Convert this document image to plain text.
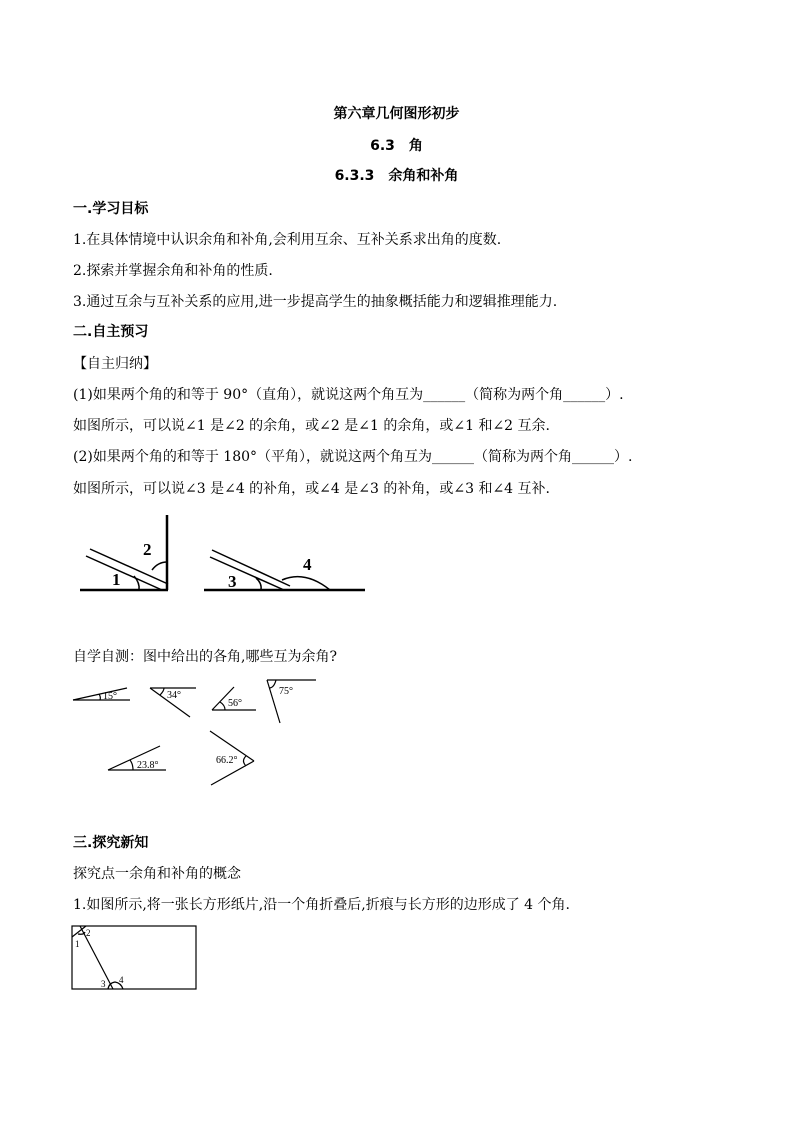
第六章几何图形初步
6.3　角
6.3.3　余角和补角
一.学习目标
1.在具体情境中认识余角和补角,会利用互余、互补关系求出角的度数.
2.探索并掌握余角和补角的性质.
3.通过互余与互补关系的应用,进一步提高学生的抽象概括能力和逻辑推理能力.
二.自主预习
【自主归纳】
(1)如果两个角的和等于 90°（直角），就说这两个角互为______（简称为两个角______）.
如图所示，可以说∠1 是∠2 的余角，或∠2 是∠1 的余角，或∠1 和∠2 互余.
(2)如果两个角的和等于 180°（平角），就说这两个角互为______（简称为两个角______）.
如图所示，可以说∠3 是∠4 的补角，或∠4 是∠3 的补角，或∠3 和∠4 互补.
1
2
3
4
15°	34°
56°
75°
23.8°	66.2°
2
1
3 4
自学自测：图中给出的各角,哪些互为余角?
三.探究新知
探究点一余角和补角的概念
1.如图所示,将一张长方形纸片,沿一个角折叠后,折痕与长方形的边形成了 4 个角.
